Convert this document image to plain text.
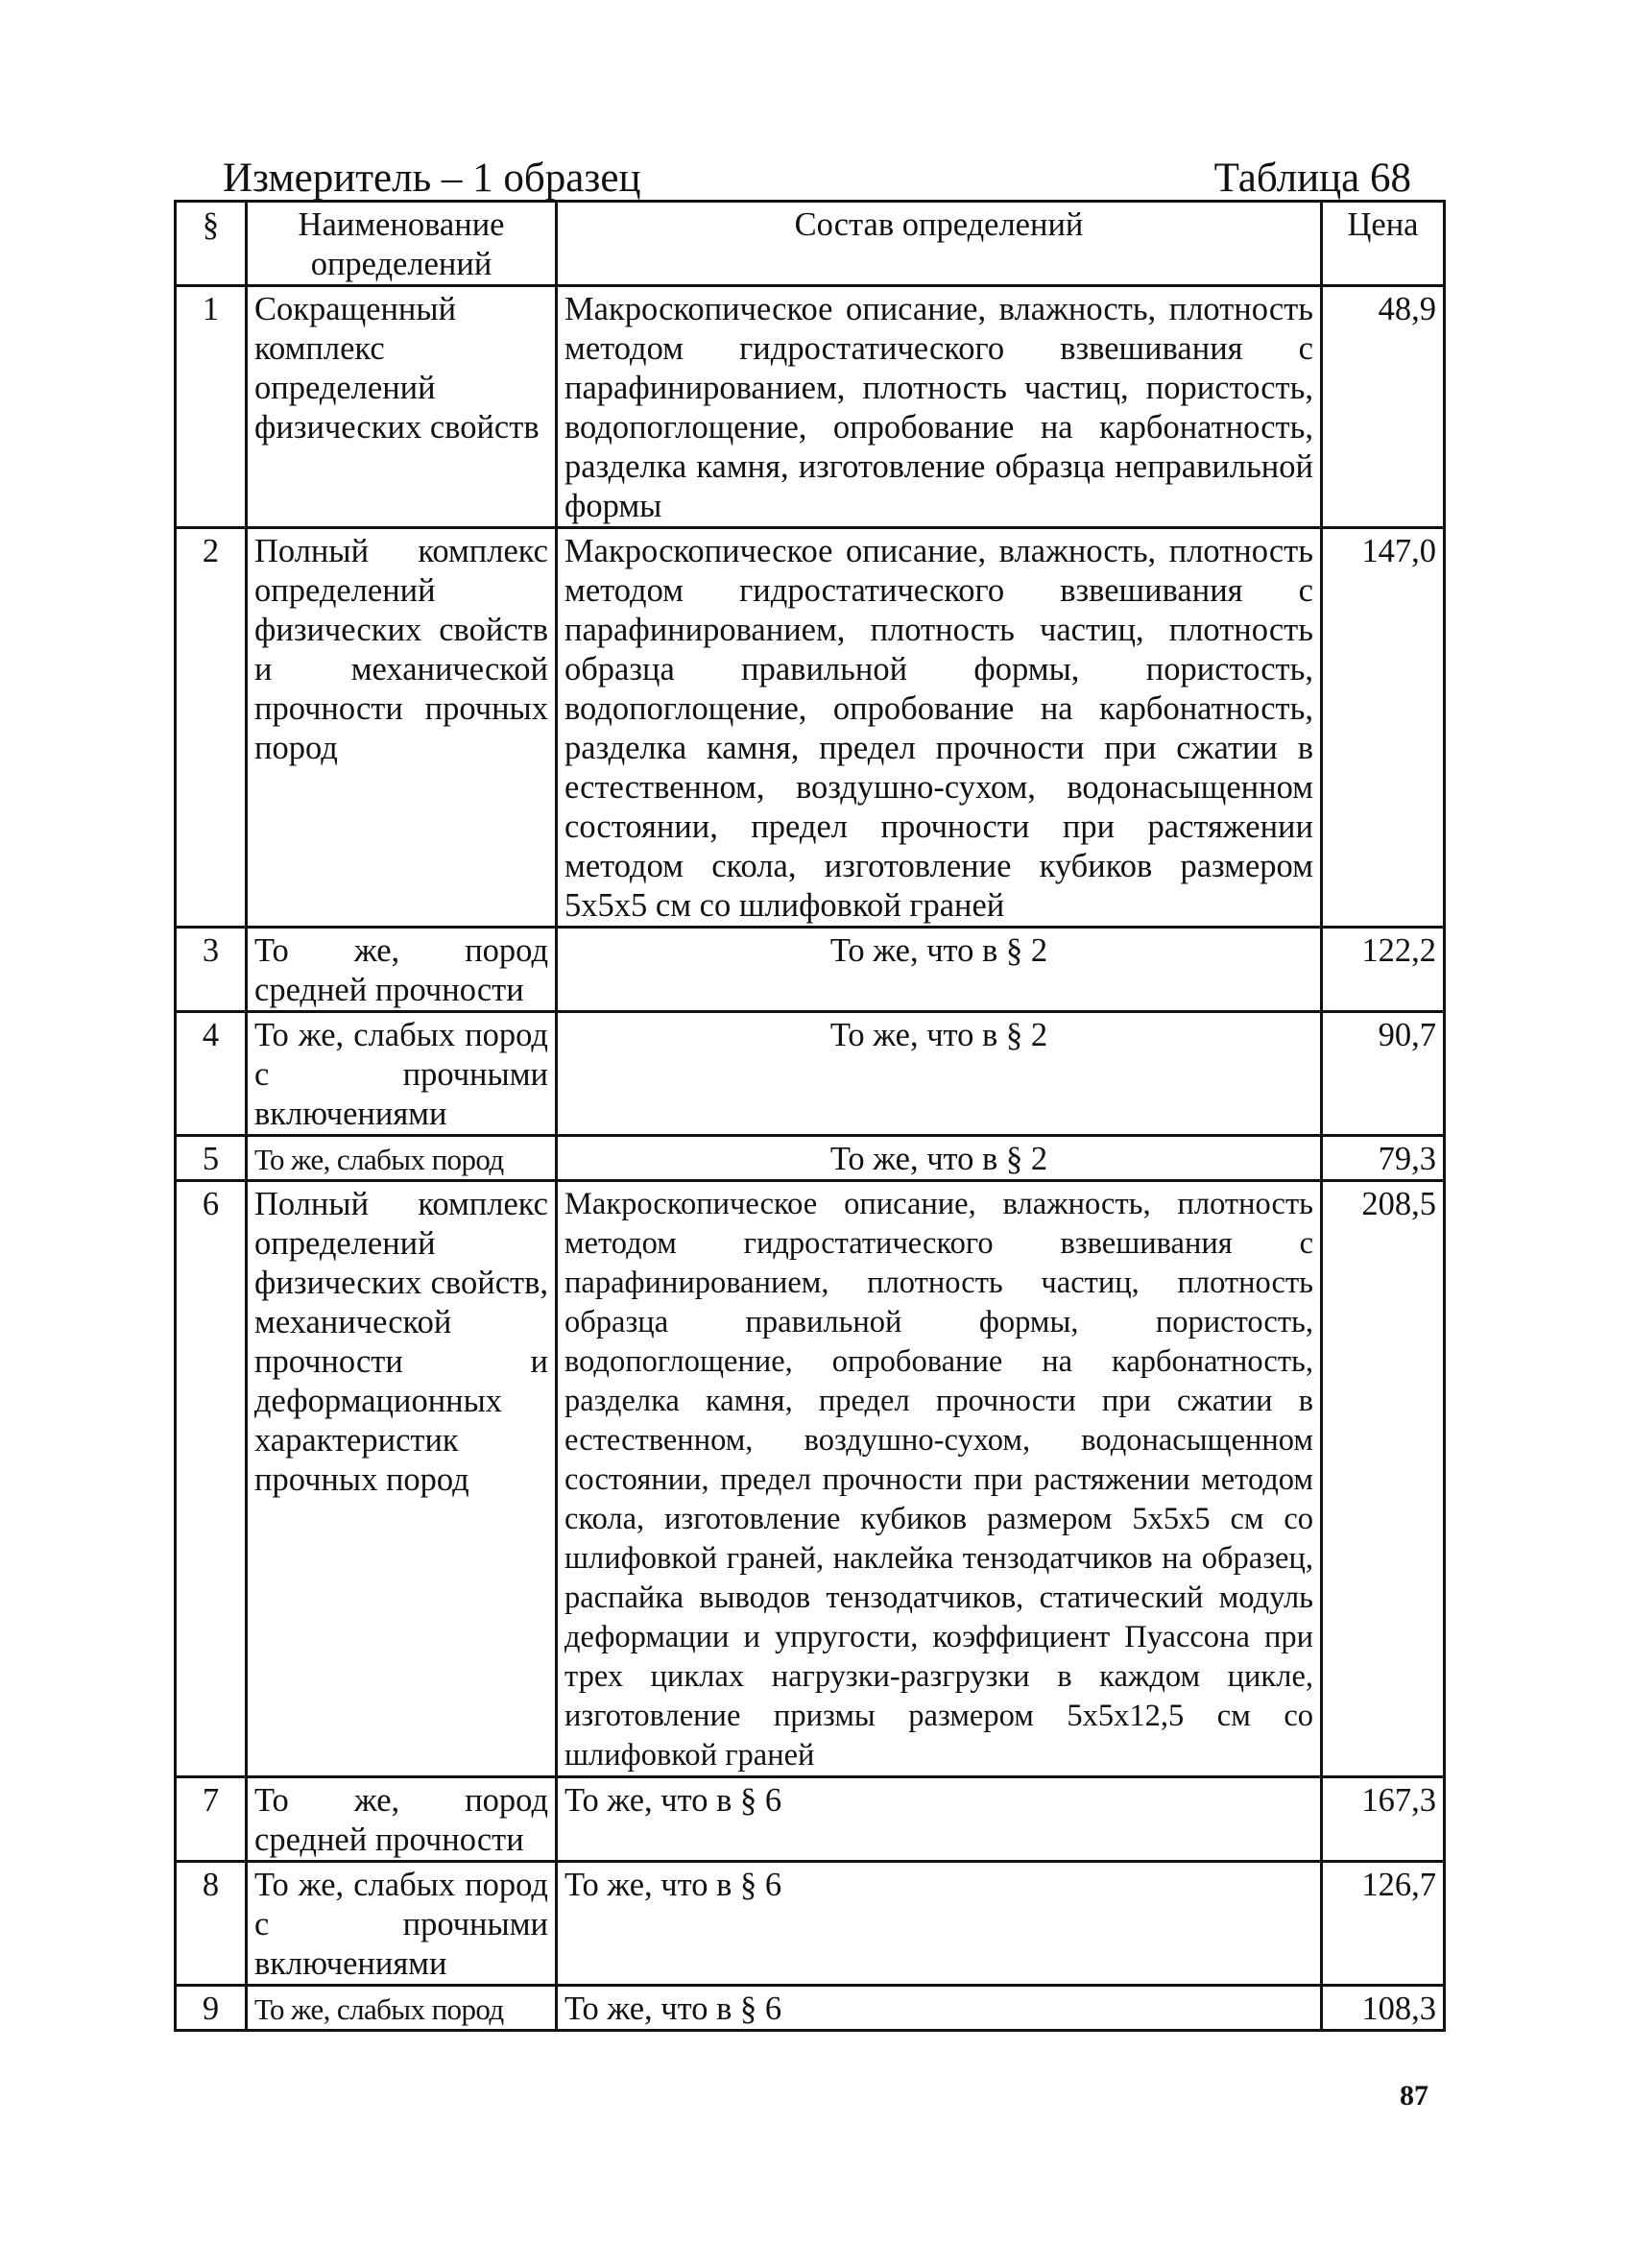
Измеритель – 1 образец	Таблица 68
§	Наименование определений	Состав определений	Цена
1	Сокращенный комплекс определений физических свойств	Макроскопическое описание, влажность, плотность методом гидростатического взвешивания с парафинированием, плотность частиц, пористость, водопоглощение, опробование на карбонатность, разделка камня, изготовление образца неправильной формы	48,9
2	Полный комплекс определений физических свойств и механической прочности прочных пород	Макроскопическое описание, влажность, плотность методом гидростатического взвешивания с парафинированием, плотность частиц, плотность образца правильной формы, пористость, водопоглощение, опробование на карбонатность, разделка камня, предел прочности при сжатии в естественном, воздушно-сухом, водонасыщенном состоянии, предел прочности при растяжении методом скола, изготовление кубиков размером 5х5х5 см со шлифовкой граней	147,0
3	То же, пород средней прочности	То же, что в § 2	122,2
4	То же, слабых пород с прочными включениями	То же, что в § 2	90,7
5	То же, слабых пород	То же, что в § 2	79,3
6	Полный комплекс определений физических свойств, механической прочности и деформационных характеристик прочных пород	Макроскопическое описание, влажность, плотность методом гидростатического взвешивания с парафинированием, плотность частиц, плотность образца правильной формы, пористость, водопоглощение, опробование на карбонатность, разделка камня, предел прочности при сжатии в естественном, воздушно-сухом, водонасыщенном состоянии, предел прочности при растяжении методом скола, изготовление кубиков размером 5х5х5 см со шлифовкой граней, наклейка тензодатчиков на образец, распайка выводов тензодатчиков, статический модуль деформации и упругости, коэффициент Пуассона при трех циклах нагрузки-разгрузки в каждом цикле, изготовление призмы размером 5х5х12,5 см со шлифовкой граней	208,5
7	То же, пород средней прочности	То же, что в § 6	167,3
8	То же, слабых пород с прочными включениями	То же, что в § 6	126,7
9	То же, слабых пород	То же, что в § 6	108,3
87
